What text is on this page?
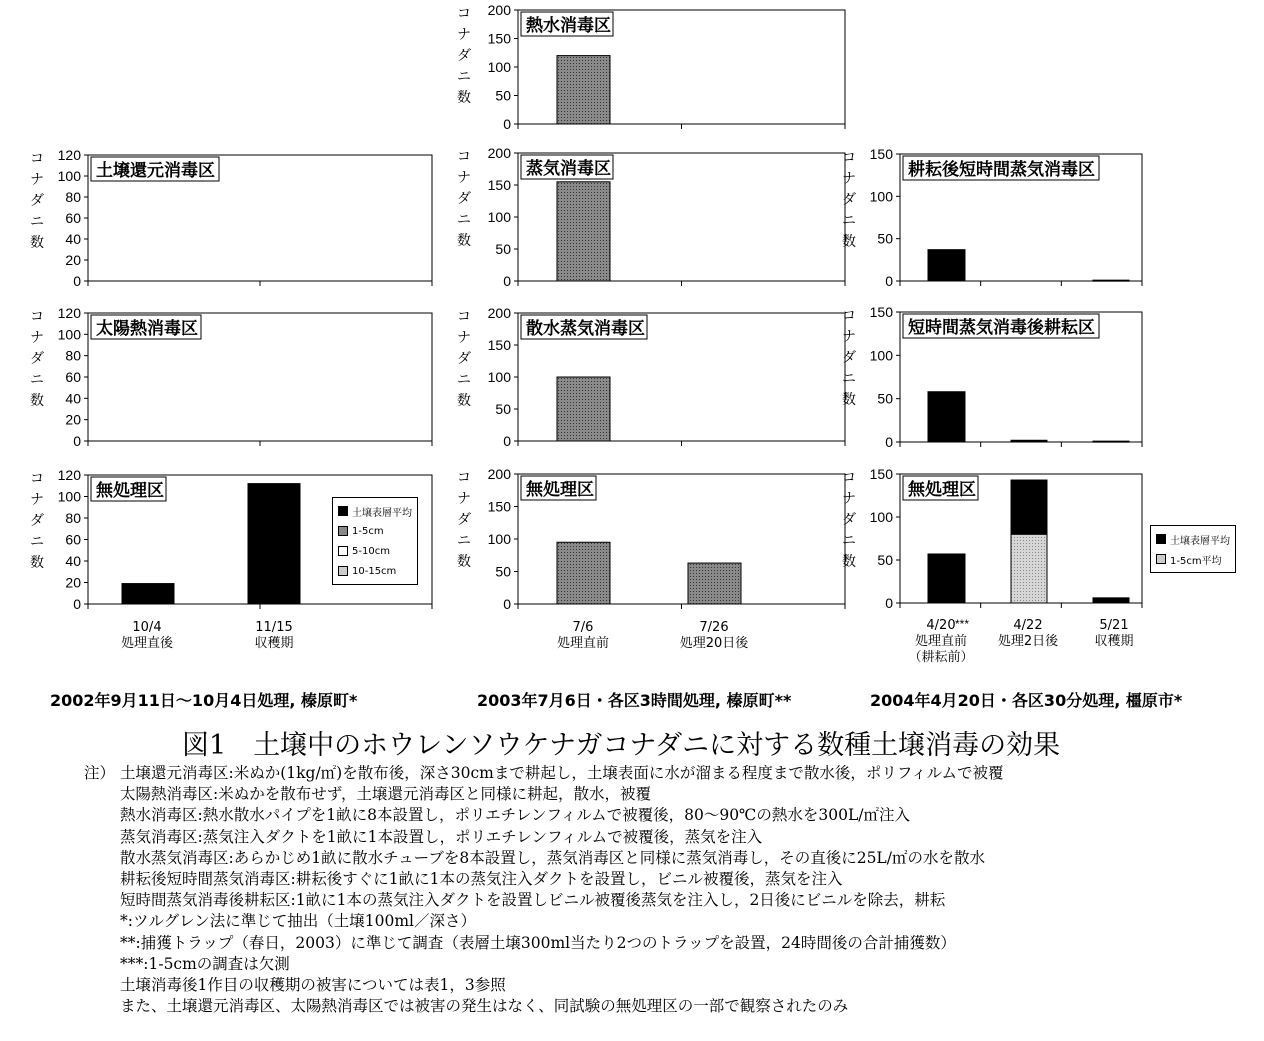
0
20
40
60
80
100
120
土壌還元消毒区
0
20
40
60
80
100
120
太陽熱消毒区
0
20
40
60
80
100
120
無処理区
0
50
100
150
200
熱水消毒区
0
50
100
150
200
蒸気消毒区
0
50
100
150
200
散水蒸気消毒区
0
50
100
150
200
無処理区
0
50
100
150
耕耘後短時間蒸気消毒区
0
50
100
150
短時間蒸気消毒後耕耘区
0
50
100
150
無処理区
***
コ
ナ
ダ
ニ
数
コ
ナ
ダ
ニ
数
コ
ナ
ダ
ニ
数
コ
ナ
ダ
ニ
数
コ
ナ
ダ
ニ
数
コ
ナ
ダ
ニ
数
コ
ナ
ダ
ニ
数
コ
ナ
ダ
ニ
数
コ
ナ
ダ
ニ
数
コ
ナ
ダ
ニ
数
10/4
処理直後
11/15
収穫期
7/6
処理直前
7/26
処理20日後
4/20
処理直前
（耕耘前）
4/22
処理2日後
5/21
収穫期
土壌表層平均
1-5cm
5-10cm
10-15cm
土壌表層平均
1-5cm平均
2002年9月11日〜10月4日処理, 榛原町*	2003年7月6日・各区3時間処理, 榛原町**	2004年4月20日・各区30分処理, 橿原市*
図1　土壌中のホウレンソウケナガコナダニに対する数種土壌消毒の効果
注） 土壌還元消毒区:米ぬか(1kg/㎡)を散布後，深さ30cmまで耕起し，土壌表面に水が溜まる程度まで散水後，ポリフィルムで被覆
太陽熱消毒区:米ぬかを散布せず，土壌還元消毒区と同様に耕起，散水，被覆
熱水消毒区:熱水散水パイプを1畝に8本設置し，ポリエチレンフィルムで被覆後，80〜90℃の熱水を300L/㎡注入
蒸気消毒区:蒸気注入ダクトを1畝に1本設置し，ポリエチレンフィルムで被覆後，蒸気を注入
散水蒸気消毒区:あらかじめ1畝に散水チューブを8本設置し，蒸気消毒区と同様に蒸気消毒し，その直後に25L/㎡の水を散水
耕耘後短時間蒸気消毒区:耕耘後すぐに1畝に1本の蒸気注入ダクトを設置し，ビニル被覆後，蒸気を注入
短時間蒸気消毒後耕耘区:1畝に1本の蒸気注入ダクトを設置しビニル被覆後蒸気を注入し，2日後にビニルを除去，耕耘
*:ツルグレン法に準じて抽出（土壌100ml／深さ）
**:捕獲トラップ（春日，2003）に準じて調査（表層土壌300ml当たり2つのトラップを設置，24時間後の合計捕獲数）
***:1-5cmの調査は欠測
土壌消毒後1作目の収穫期の被害については表1，3参照
また、土壌還元消毒区、太陽熱消毒区では被害の発生はなく、同試験の無処理区の一部で観察されたのみ
